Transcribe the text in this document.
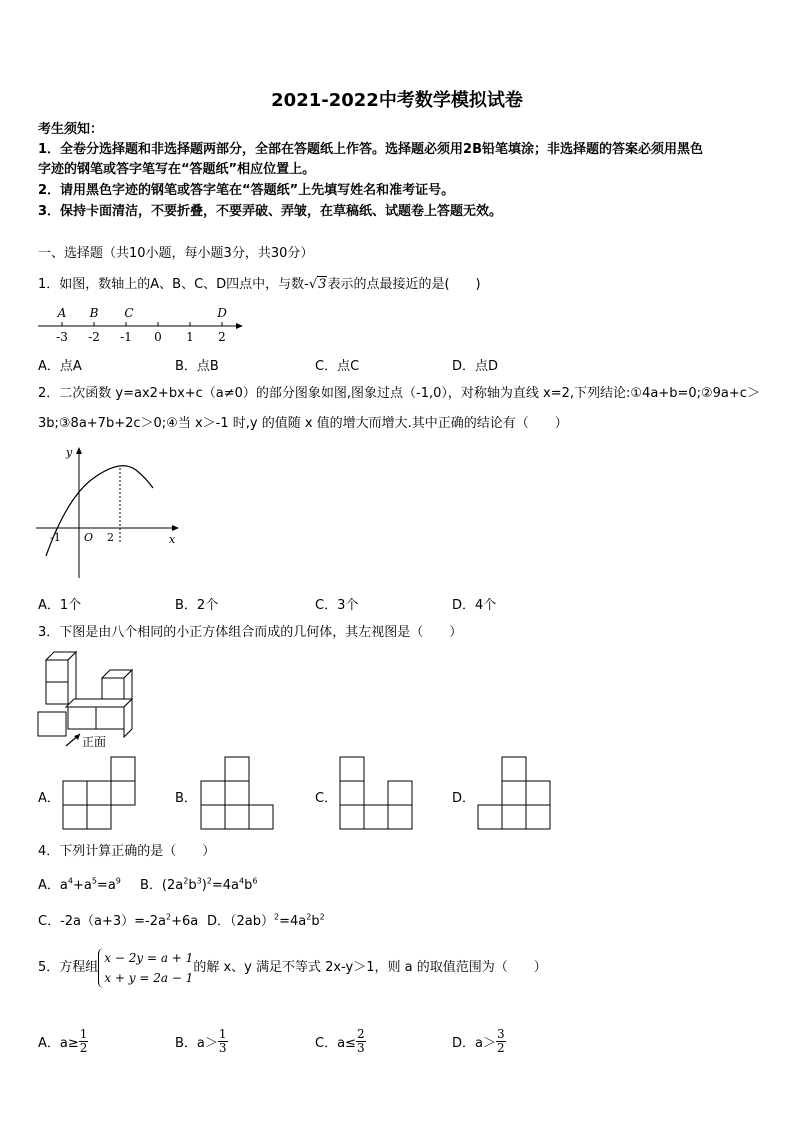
2021-2022中考数学模拟试卷
考生须知：
1．全卷分选择题和非选择题两部分，全部在答题纸上作答。选择题必须用2B铅笔填涂；非选择题的答案必须用黑色
字迹的钢笔或答字笔写在“答题纸”相应位置上。
2．请用黑色字迹的钢笔或答字笔在“答题纸”上先填写姓名和准考证号。
3．保持卡面清洁，不要折叠，不要弄破、弄皱，在草稿纸、试题卷上答题无效。
一、选择题（共10小题，每小题3分，共30分）
1．如图，数轴上的A、B、C、D四点中，与数-√3表示的点最接近的是(　　)
-3 -2 -1 0 1 2
A B C	D
A．点A	B．点B	C．点C	D．点D
2．二次函数 y=ax2+bx+c（a≠0）的部分图象如图,图象过点（-1,0），对称轴为直线 x=2,下列结论:①4a+b=0;②9a+c＞
3b;③8a+7b+2c＞0;④当 x＞-1 时,y 的值随 x 值的增大而增大.其中正确的结论有（　　）
y
x
-1 O 2
A．1个	B．2个	C．3个	D．4个
3．下图是由八个相同的小正方体组合而成的几何体，其左视图是（　　）
正面
A．	B．	C．	D．
4．下列计算正确的是（　　）
A．$a^4+a^5=a^9$ B．$(2a^2b^3)^2=4a^4b^6$
C．$-2a(a+3)=-2a^2+6a$ D．$(2ab)^2=4a^2b^2$
5．方程组
x − 2y = a + 1
x + y = 2a − 1
的解 x、y 满足不等式 2x-y＞1，则 a 的取值范围为（　　）
A．$a\ge \frac{1}{2}$	B．$a> \frac{1}{3}$	C．$a\le \frac{2}{3}$	D．$a> \frac{3}{2}$
